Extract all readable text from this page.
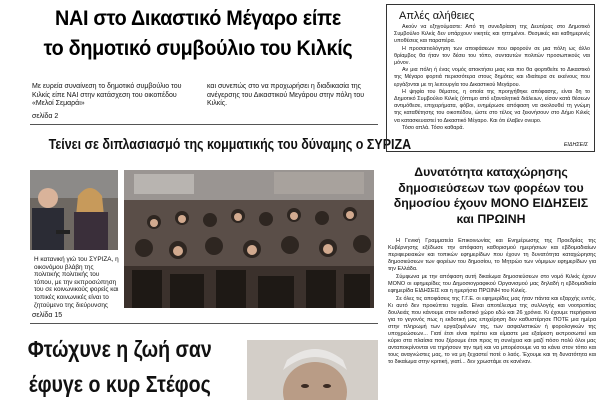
ΝΑΙ στο Δικαστικό Μέγαρο είπε
το δημοτικό συμβούλιο του Κιλκίς
Με ευρεία συναίνεση το δημοτικό συμβούλιο του Κιλκίς είπε ΝΑΙ στην κατάσχεση του οικοπέδου «Μελοί Σεμαράι»
και συνεπώς στο να προχωρήσει η διαδικασία της ανέγερσης του Δικαστικού Μεγάρου στην πόλη του Κιλκίς.
σελίδα 2
Τείνει σε διπλασιασμό της κομματικής του δύναμης ο ΣΥΡΙΖΑ
Η κατανική γιώ του ΣΥΡΙΖΑ, η οικονόμου βλάβη της πολιτικής πολιτικής του τόπου, με την εκπροσώπηση του σε κοινωνικούς φορείς και τοπικές κοινωνικές είναι το ζητούμενο της διεύρυνσης
σελίδα 15
Φτώχυνε η ζωή σαν
έφυγε ο κυρ Στέφος
Απλές αλήθειες
Ακούν να εξηγούμαστε: Από τη συνεδρίαση της Δευτέρας στο Δημοτικό Συμβούλιο Κιλκίς δεν υπάρχουν νικητές και ηττημένοι. Θεσμικές και καθημερινές υποθέσεις και παραπέρα.
Η προσαιτιολόγηση των αποφάσεων που αφορούν σε μια πόλη ως άλλο θρίαμβος θα ήταν τον δέσει του τόπο, συνταυτών πολιτών προσωπικούς ναι μόνον.
Αν μια πόλη ή ένας νομός αποκτήσει μιας και πιο θα φορτιθείτε το Δικαστικό της Μέγαρο φορτιά περισσότερα στους δημότες και ιδιαίτερα σε εκείνους που εργάζονται με τη λειτουργία του Δικαστικού Μεγάρου.
Η ψηφία του θέματος, η οποία της προηγήθηκε απόφασης, είναι δη το Δημοτικό Συμβούλιο Κιλκίς (όπτιμο από εξαναλητικά διάλειων, είσαν κατά θέσεων αντιμόθεσε, επιχειρήματα, φόβοι, ενημέρωσε απόφαση να ακολουθεί τη γνώμη της καταθέτησης του οικοπέδου, ώστε στο τέλος να ξεκινήσουν στο Δήμο Κιλκίς να κατασκευαστεί το Δικαστικό Μέγαρο. Και ότι έλαβεν ονειρο.
Τόσο απλά. Τόσο καθαρά.
ΕΙΔΗΣΕΙΣ
Δυνατότητα καταχώρησης δημοσιεύσεων των φορέων του δημοσίου έχουν ΜΟΝΟ ΕΙΔΗΣΕΙΣ και ΠΡΩΙΝΗ

Η Γενική Γραμματεία Επικοινωνίας και Ενημέρωσης της Προεδρίας της Κυβέρνησης εξέδωσε την απόφαση καθορισμού ημερήσιων και εβδομαδιαίων περιφερειακών και τοπικών εφημερίδων που έχουν τη δυνατότητα καταχώρησης δημοσιεύσεων των φορέων του δημοσίου, το Μητρώο των νόμιμων εφημερίδων για την Ελλάδα.

Σύμφωνα με την απόφαση αυτή δικαίωμα δημοσιεύσεων στο νομό Κιλκίς έχουν ΜΟΝΟ οι εφημερίδες του Δημοσιογραφικού Οργανισμού μας δηλαδή η εβδομαδιαία εφημερίδα ΕΙΔΗΣΕΙΣ και η ημερήσια ΠΡΩΙΝΗ του Κιλκίς.

Σε όλες τις αποφάσεις της Γ.Γ.Ε. οι εφημερίδες μας ήταν πάντα και εξαρχής εντός. Κι αυτό δεν προκύπτει τυχαία. Είναι αποτέλεσμα της συλλογής και νοοτροπίας δουλειάς που κάνουμε στον εκδοτικό χώρο εδώ και 26 χρόνια. Κι έχουμε περήφανια για το γεγονός πως η εκδοτική μας επιχείρηση δεν καθυστέρησε ΠΟΤΕ μια ημέρα στην πληρωμή των εργαζομένων της, των ασφαλιστικών ή φορολογικών της υποχρεώσεων... Γιατί έτσι είναι πρέπει και είμαστε μια εξαίρεση εκπροσωπεί και κύριο στα πλαίσια που ξέρουμε έτσι προς τη συνέχεια και μαζί πόσο πολύ όλοι μας ανταποκρίνονται να τηρήσουν την τιμή και να μπορέσουμε να τα κάνει στον τόπο και τους αναγνώστες μας, το να μη ξεχαστεί ποτέ ο λαός. Έχουμε και τη δυνατότητα και το δικαίωμα στην κριτική, γιατί... δεν χρωστάμε σε κανέναν.
